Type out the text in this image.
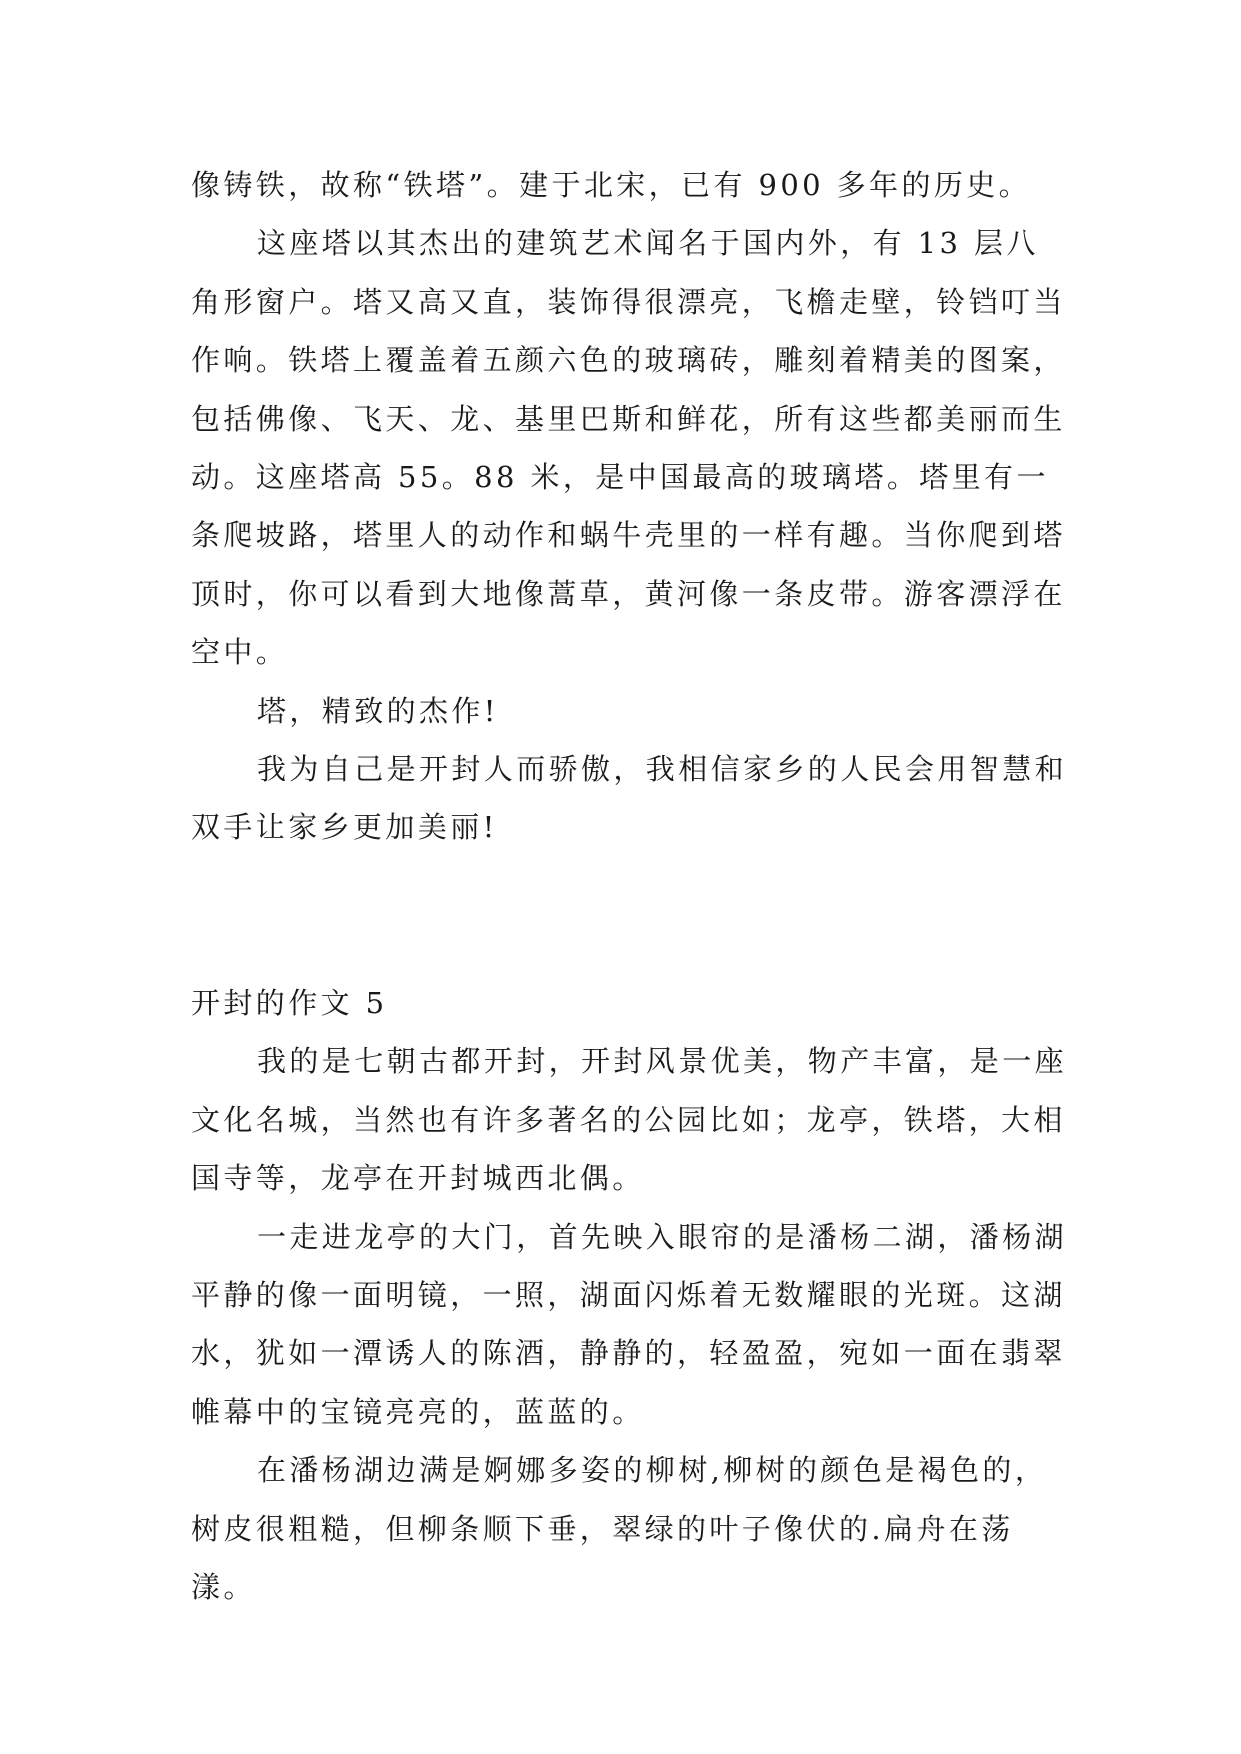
像铸铁，故称“铁塔”。建于北宋，已有 900 多年的历史。

这座塔以其杰出的建筑艺术闻名于国内外，有 13 层八角形窗户。塔又高又直，装饰得很漂亮，飞檐走壁，铃铛叮当作响。铁塔上覆盖着五颜六色的玻璃砖，雕刻着精美的图案，包括佛像、飞天、龙、基里巴斯和鲜花，所有这些都美丽而生动。这座塔高 55。88 米，是中国最高的玻璃塔。塔里有一条爬坡路，塔里人的动作和蜗牛壳里的一样有趣。当你爬到塔顶时，你可以看到大地像蒿草，黄河像一条皮带。游客漂浮在空中。

塔，精致的杰作!

我为自己是开封人而骄傲，我相信家乡的人民会用智慧和双手让家乡更加美丽!

开封的作文 5

我的是七朝古都开封，开封风景优美，物产丰富，是一座文化名城，当然也有许多著名的公园比如；龙亭，铁塔，大相国寺等，龙亭在开封城西北偶。

一走进龙亭的大门，首先映入眼帘的是潘杨二湖，潘杨湖平静的像一面明镜，一照，湖面闪烁着无数耀眼的光斑。这湖水，犹如一潭诱人的陈酒，静静的，轻盈盈，宛如一面在翡翠帷幕中的宝镜亮亮的，蓝蓝的。

在潘杨湖边满是婀娜多姿的柳树,柳树的颜色是褐色的，树皮很粗糙，但柳条顺下垂，翠绿的叶子像伏的.扁舟在荡漾。
